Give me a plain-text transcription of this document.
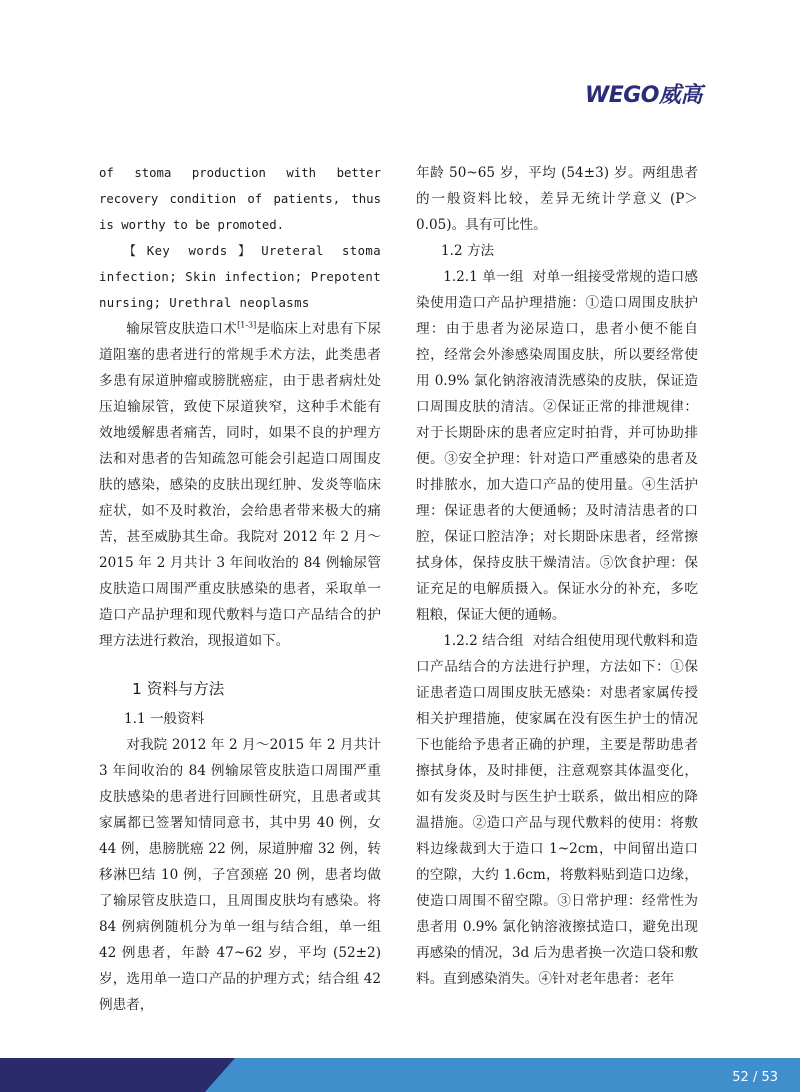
WEGO威高

of stoma production with better recovery condition of patients, thus is worthy to be promoted.

【Key words】Ureteral stoma infection; Skin infection; Prepotent nursing; Urethral neoplasms

输尿管皮肤造口术[1-3]是临床上对患有下尿道阻塞的患者进行的常规手术方法，此类患者多患有尿道肿瘤或膀胱癌症，由于患者病灶处压迫输尿管，致使下尿道狭窄，这种手术能有效地缓解患者痛苦，同时，如果不良的护理方法和对患者的告知疏忽可能会引起造口周围皮肤的感染，感染的皮肤出现红肿、发炎等临床症状，如不及时救治，会给患者带来极大的痛苦，甚至威胁其生命。我院对 2012 年 2 月～2015 年 2 月共计 3 年间收治的 84 例输尿管皮肤造口周围严重皮肤感染的患者，采取单一造口产品护理和现代敷料与造口产品结合的护理方法进行救治，现报道如下。

1 资料与方法

1.1 一般资料

对我院 2012 年 2 月～2015 年 2 月共计 3 年间收治的 84 例输尿管皮肤造口周围严重皮肤感染的患者进行回顾性研究，且患者或其家属都已签署知情同意书，其中男 40 例，女 44 例，患膀胱癌 22 例，尿道肿瘤 32 例，转移淋巴结 10 例，子宫颈癌 20 例，患者均做了输尿管皮肤造口，且周围皮肤均有感染。将 84 例病例随机分为单一组与结合组，单一组 42 例患者，年龄 47~62 岁，平均 (52±2) 岁，选用单一造口产品的护理方式；结合组 42 例患者，

年龄 50~65 岁，平均 (54±3) 岁。两组患者的一般资料比较，差异无统计学意义 (P＞0.05)。具有可比性。

1.2 方法

1.2.1 单一组 对单一组接受常规的造口感染使用造口产品护理措施：①造口周围皮肤护理：由于患者为泌尿造口，患者小便不能自控，经常会外渗感染周围皮肤，所以要经常使用 0.9% 氯化钠溶液清洗感染的皮肤，保证造口周围皮肤的清洁。②保证正常的排泄规律：对于长期卧床的患者应定时拍背，并可协助排便。③安全护理：针对造口严重感染的患者及时排脓水，加大造口产品的使用量。④生活护理：保证患者的大便通畅；及时清洁患者的口腔，保证口腔洁净；对长期卧床患者，经常擦拭身体，保持皮肤干燥清洁。⑤饮食护理：保证充足的电解质摄入。保证水分的补充，多吃粗粮，保证大便的通畅。

1.2.2 结合组 对结合组使用现代敷料和造口产品结合的方法进行护理，方法如下：①保证患者造口周围皮肤无感染：对患者家属传授相关护理措施，使家属在没有医生护士的情况下也能给予患者正确的护理，主要是帮助患者擦拭身体，及时排便，注意观察其体温变化，如有发炎及时与医生护士联系，做出相应的降温措施。②造口产品与现代敷料的使用：将敷料边缘裁到大于造口 1~2cm，中间留出造口的空隙，大约 1.6cm，将敷料贴到造口边缘，使造口周围不留空隙。③日常护理：经常性为患者用 0.9% 氯化钠溶液擦拭造口，避免出现再感染的情况，3d 后为患者换一次造口袋和敷料。直到感染消失。④针对老年患者：老年

52 / 53
